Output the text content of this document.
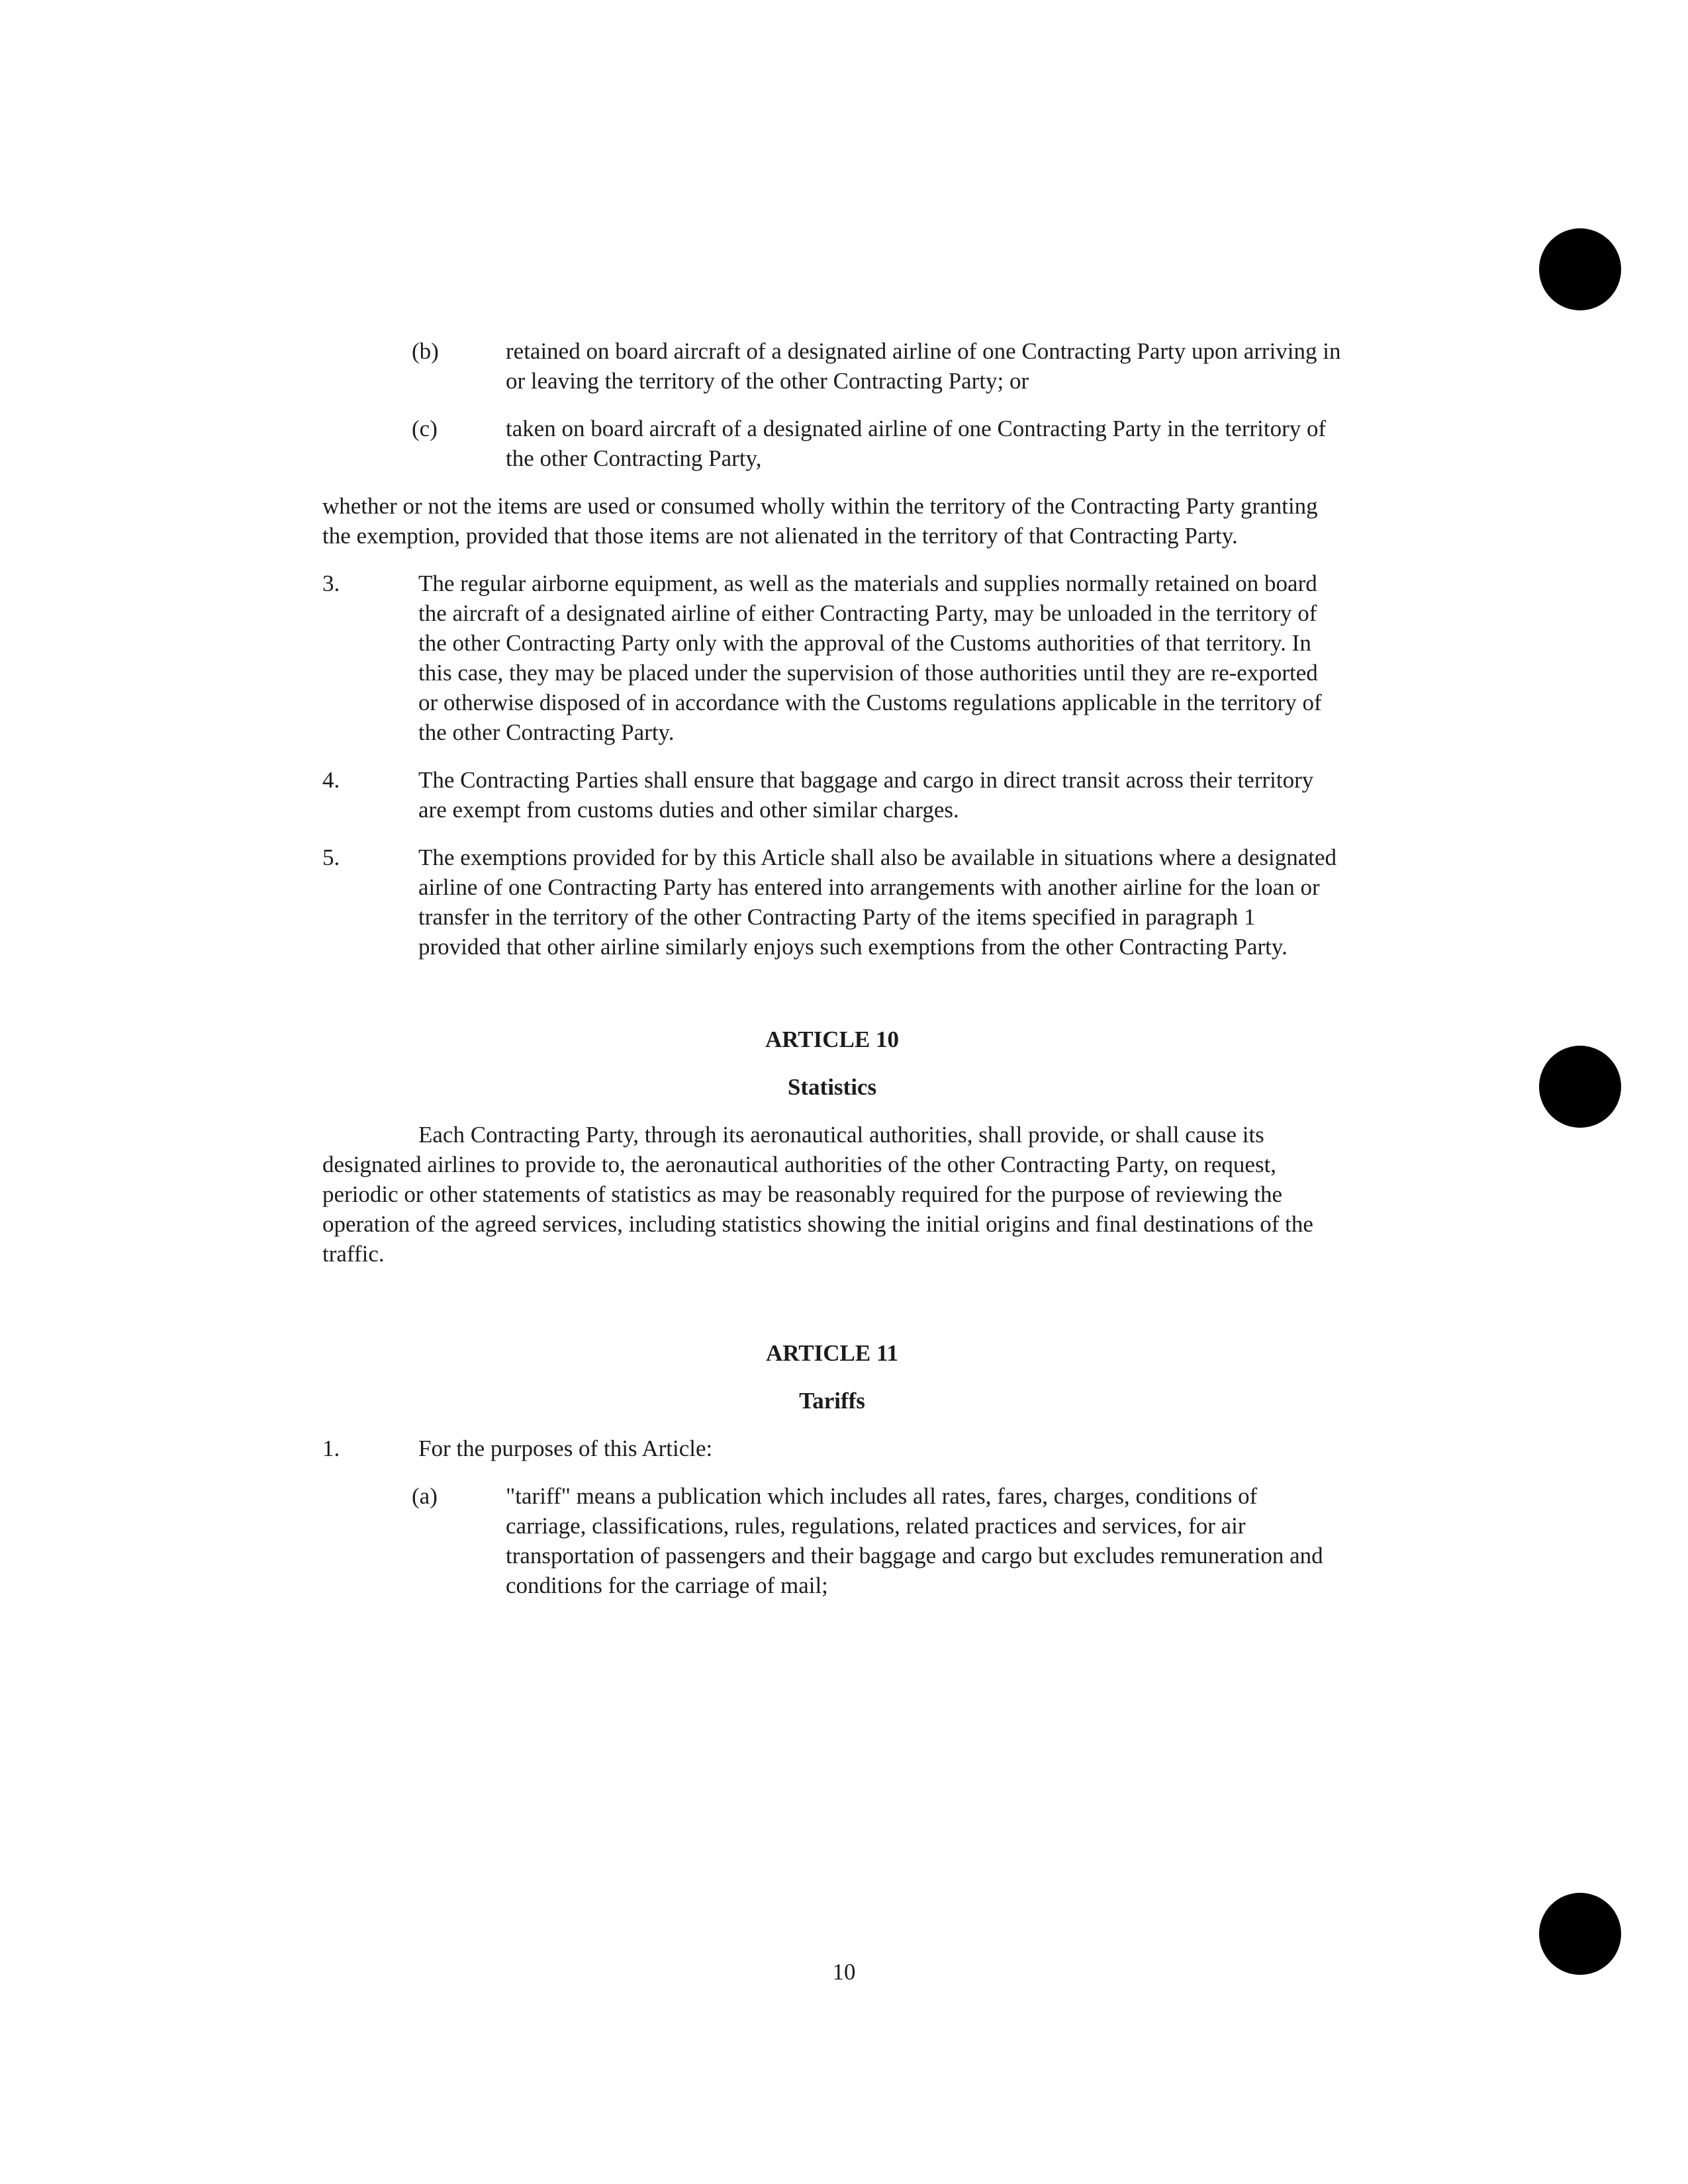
(b)	retained on board aircraft of a designated airline of one Contracting Party upon arriving in or leaving the territory of the other Contracting Party; or
(c)	taken on board aircraft of a designated airline of one Contracting Party in the territory of the other Contracting Party,

whether or not the items are used or consumed wholly within the territory of the Contracting Party granting the exemption, provided that those items are not alienated in the territory of that Contracting Party.

3.	The regular airborne equipment, as well as the materials and supplies normally retained on board the aircraft of a designated airline of either Contracting Party, may be unloaded in the territory of the other Contracting Party only with the approval of the Customs authorities of that territory. In this case, they may be placed under the supervision of those authorities until they are re-exported or otherwise disposed of in accordance with the Customs regulations applicable in the territory of the other Contracting Party.
4.	The Contracting Parties shall ensure that baggage and cargo in direct transit across their territory are exempt from customs duties and other similar charges.
5.	The exemptions provided for by this Article shall also be available in situations where a designated airline of one Contracting Party has entered into arrangements with another airline for the loan or transfer in the territory of the other Contracting Party of the items specified in paragraph 1 provided that other airline similarly enjoys such exemptions from the other Contracting Party.

ARTICLE 10

Statistics

Each Contracting Party, through its aeronautical authorities, shall provide, or shall cause its designated airlines to provide to, the aeronautical authorities of the other Contracting Party, on request, periodic or other statements of statistics as may be reasonably required for the purpose of reviewing the operation of the agreed services, including statistics showing the initial origins and final destinations of the traffic.

ARTICLE 11

Tariffs

1.	For the purposes of this Article:
(a)	"tariff" means a publication which includes all rates, fares, charges, conditions of carriage, classifications, rules, regulations, related practices and services, for air transportation of passengers and their baggage and cargo but excludes remuneration and conditions for the carriage of mail;
10
